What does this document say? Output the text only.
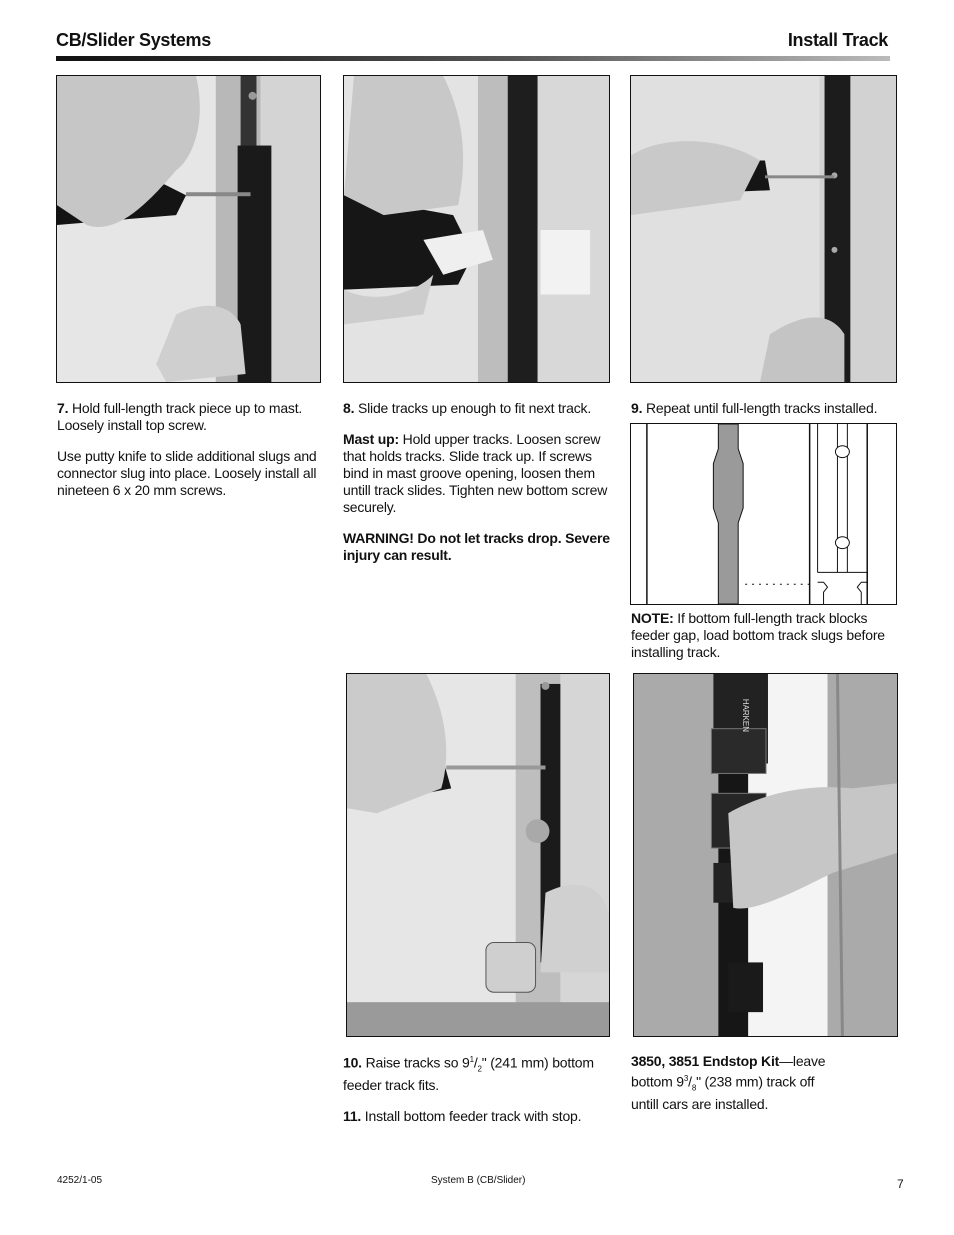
CB/Slider Systems	Install Track
HARKEN

7. Hold full-length track piece up to mast. Loosely install top screw.

Use putty knife to slide additional slugs and connector slug into place. Loosely install all nineteen 6 x 20 mm screws.

8. Slide tracks up enough to fit next track.

Mast up: Hold upper tracks. Loosen screw that holds tracks. Slide track up. If screws bind in mast groove opening, loosen them untill track slides. Tighten new bottom screw securely.

WARNING! Do not let tracks drop. Severe injury can result.

9. Repeat until full-length tracks installed.

NOTE: If bottom full-length track blocks feeder gap, load bottom track slugs before installing track.

10. Raise tracks so $9^1/_2$" (241 mm) bottom feeder track fits.

11. Install bottom feeder track with stop.

3850, 3851 Endstop Kit—leave bottom $9^3/_8$" (238 mm) track off untill cars are installed.

4252/1-05	System B (CB/Slider)	7
